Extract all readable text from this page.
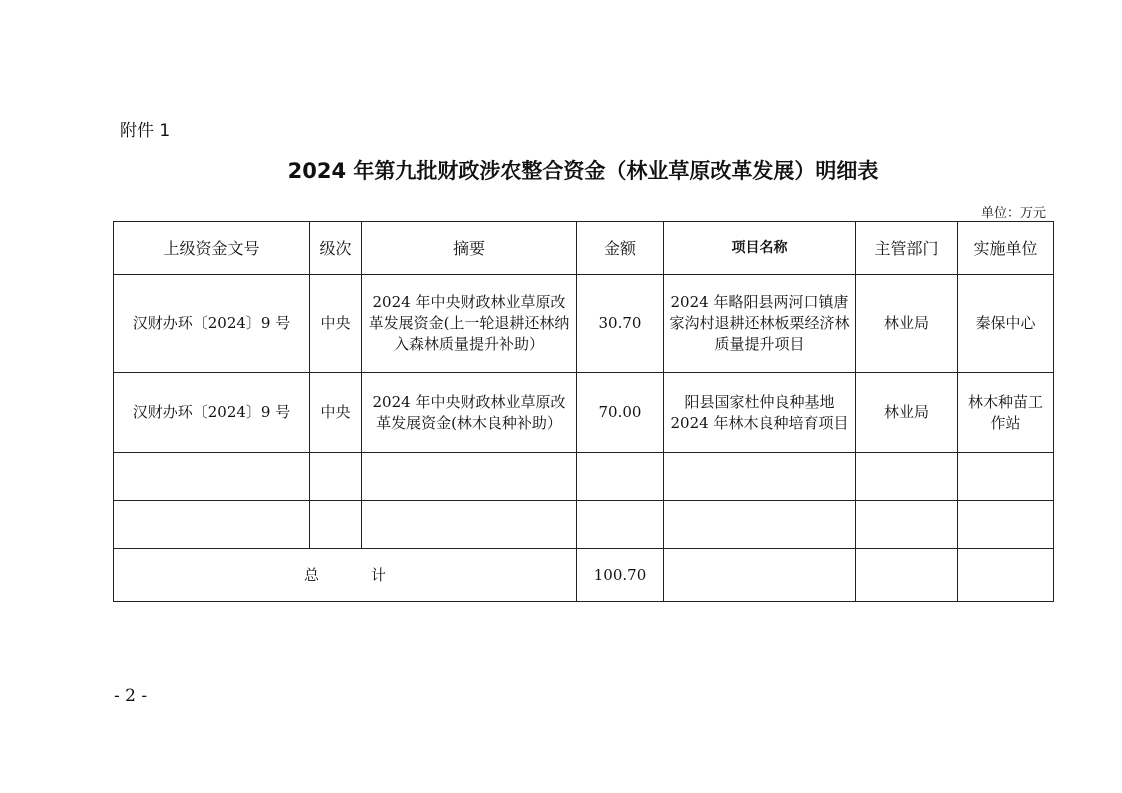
附件 1
2024 年第九批财政涉农整合资金（林业草原改革发展）明细表
单位：万元
上级资金文号	级次	摘要	金额	项目名称	主管部门	实施单位
汉财办环〔2024〕9 号	中央	2024 年中央财政林业草原改革发展资金(上一轮退耕还林纳入森林质量提升补助）	30.70	2024 年略阳县两河口镇唐家沟村退耕还林板栗经济林质量提升项目	林业局	秦保中心
汉财办环〔2024〕9 号	中央	2024 年中央财政林业草原改革发展资金(林木良种补助）	70.00	阳县国家杜仲良种基地 2024 年林木良种培育项目	林业局	林木种苗工作站

总 计			100.70			
- 2 -
